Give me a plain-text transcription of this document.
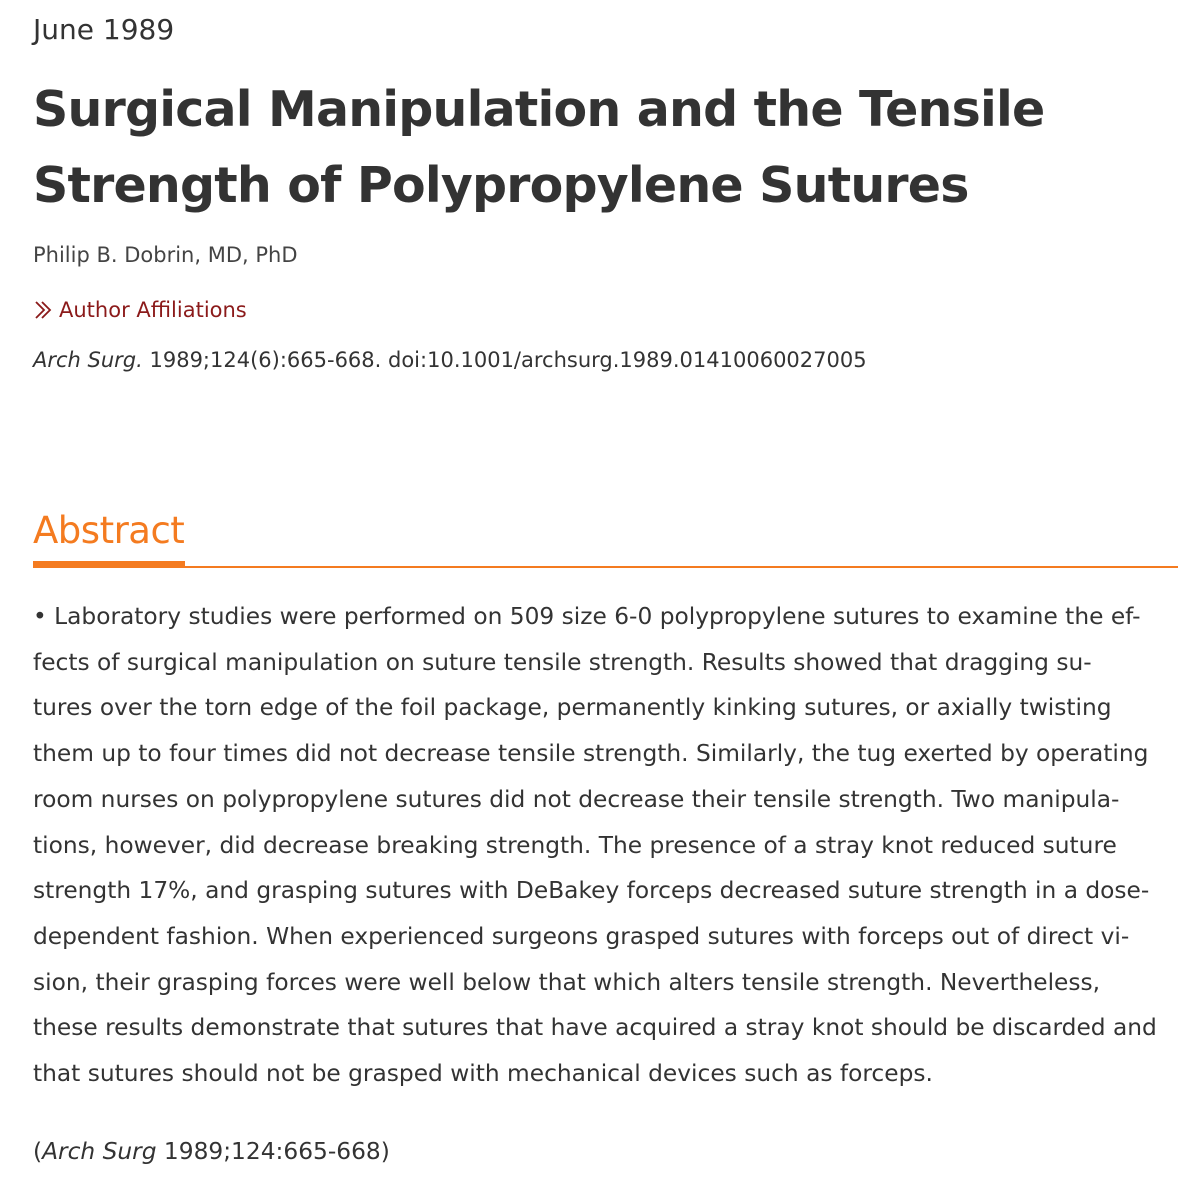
June 1989
Surgical Manipulation and the Tensile
Strength of Polypropylene Sutures
Philip B. Dobrin, MD, PhD
Author Affiliations
Arch Surg. 1989;124(6):665-668. doi:10.1001/archsurg.1989.01410060027005
Abstract

• Laboratory studies were performed on 509 size 6-0 polypropylene sutures to examine the ef-
fects of surgical manipulation on suture tensile strength. Results showed that dragging su-
tures over the torn edge of the foil package, permanently kinking sutures, or axially twisting
them up to four times did not decrease tensile strength. Similarly, the tug exerted by operating
room nurses on polypropylene sutures did not decrease their tensile strength. Two manipula-
tions, however, did decrease breaking strength. The presence of a stray knot reduced suture
strength 17%, and grasping sutures with DeBakey forceps decreased suture strength in a dose-
dependent fashion. When experienced surgeons grasped sutures with forceps out of direct vi-
sion, their grasping forces were well below that which alters tensile strength. Nevertheless,
these results demonstrate that sutures that have acquired a stray knot should be discarded and
that sutures should not be grasped with mechanical devices such as forceps.

(Arch Surg 1989;124:665-668)
